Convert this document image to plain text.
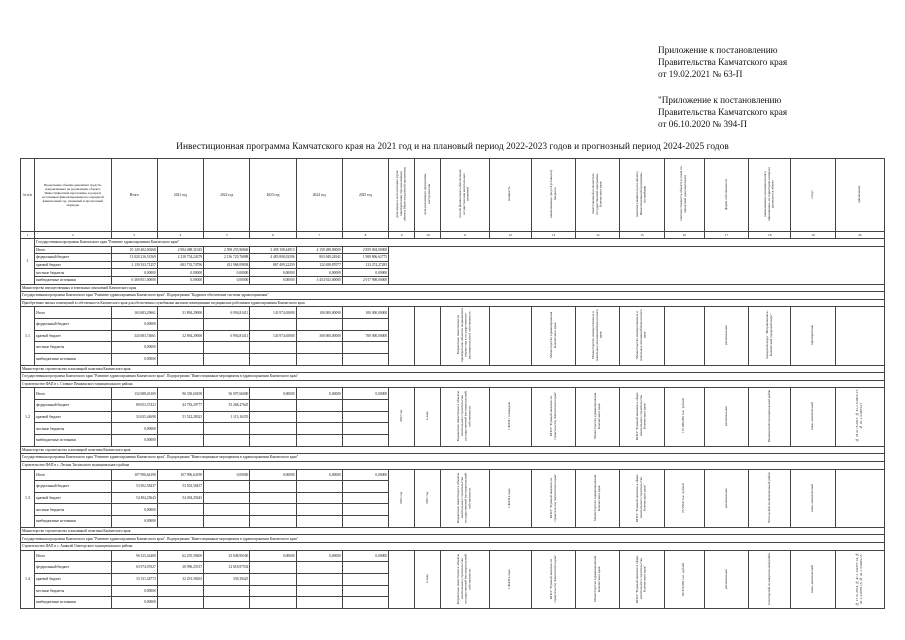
Приложение к постановлению
Правительства Камчатского края
от 19.02.2021 № 63-П
"Приложение к постановлению
Правительства Камчатского края
от 06.10.2020 № 394-П
Инвестиционная программа Камчатского края на 2021 год и на плановый период 2022-2023 годов и прогнозный период 2024-2025 годов
№ п/п	Предельные объемы денежных средств, направляемых на реализацию объекта Инвестиционной программы, в разрезе источников финансирования на очередной финансовый год, плановый и прогнозный периоды	Итого	2021 год	2022 год	2023 год	2024 год	2025 год	срок ввода в эксплуатацию (срок приобретения) при реализации объекта Инвестиционной программы	срок реализации программы, инструментов	способ финансового обеспечения осуществления капитальных вложений	мощность	наименование средств (главного) бюджета	ответственный исполнитель государственной программы Камчатского края	заказчик (заявитель) по объекту Инвестиционной программы, застройщик	сметная стоимость объекта (сумма по проектной документации)	форма собственности	наименование муниципального образования, на территории которого реализуется объект	статус	примечание
1	2	3	4	5	6	7	8	9	10	11	12	13	14	15	16	17	18	19	20
1	Государственная программа Камчатского края "Развитие здравоохранения Камчатского края"																		
	Итого	10 120 402,00268	2 904 488,31025	2 598 255,96846	3 458 108,44913	4 158 288,00000	2 859 004,00000												
	федеральный бюджет	13 020 216,51569	2 218 754,24379	2 136 725,76888	4 483 808,03296	803 049,24941	1 908 806,62775												
	краевой бюджет	2 139 333,71257	683 735,74796	431 968,09838	867 409,22259	122 658,87077	123 274,27285												
	местные бюджеты	0,00000	0,00000	0,00000	0,00000	0,00000	0,00000												
	внебюджетные источники	6 369 851,00000	0,00000	0,00000	0,00000	3 454 923,00000	2 917 908,00000												
Министерство имущественных и земельных отношений Камчатского края																			
Государственная программа Камчатского края "Развитие здравоохранения Камчатского края". Подпрограмма "Кадровое обеспечение системы здравоохранения"																			
Приобретение жилых помещений в собственность Камчатского края для обеспечения служебными жилыми помещениями медицинских работников здравоохранения Камчатского края																			
1.1	Итого	163 683,29661	31 894,29000	6 994,81411	143 974,65000	100 000,00000	100 000,00000			Бюджетные инвестиции на приобретение объектов недвижимого имущества в государственную (муниципальную) собственность		Министерство здравоохранения Камчатского края	Министерство имущественных и земельных отношений Камчатского края	Министерство имущественных и земельных отношений Камчатского края		региональная	городской округ "Петропавловск-Камчатский городской округ"	приобретение	
	федеральный бюджет	0,00000																	
	краевой бюджет	343 683,74661	32 894,29000	6 994,81411	143 974,65000	300 000,00000	700 000,00000												
	местные бюджеты	0,00000																	
	внебюджетные источники	0,00000																	
Министерство строительства и жилищной политики Камчатского края																			
Государственная программа Камчатского края "Развитие здравоохранения Камчатского края". Подпрограмма "Инвестиционные мероприятия в здравоохранении Камчатского края"																			
Строительство ФАП в с. Ставное Пенжинского муниципального района																			
1.2	Итого	132 688,26100	96 330,60100	36 097,66000	0,00000	0,00000	0,00000	2022 год	в ходе	Бюджетные инвестиции в объекты капитального строительства государственной (муниципальной) собственности	1 ФАП с площадью	КГКУ "Единый заказчик по строительству Камчатского края"	Министерство здравоохранения Камчатского края	КГКУ "Единый заказчик в сфере капитального строительства Камчатского края"	131 489,456 тыс. рублей	региональная	Пенжинский муниципальный район	иное, комплексный	№ 23 от 15.2017, № 41-1-5-0472-17, № 41-1-5-0473-17
	федеральный бюджет	80 053,37423	44 783,29777	35 268,47645															
	краевой бюджет	52 635,44698	51 522,28323	1 113,16355															
	местные бюджеты	0,00000																	
	внебюджетные источники	0,00000																	
Министерство строительства и жилищной политики Камчатского края																			
Государственная программа Камчатского края "Развитие здравоохранения Камчатского края". Подпрограмма "Инвестиционные мероприятия в здравоохранении Камчатского края"																			
Строительство ФАП в с. Лесная Тигильского муниципального района																			
1.3	Итого	107 996,64190	107 996,64190	0,00000	0,00000	0,00000	0,00000	2022 год	2021 год	Бюджетные инвестиции в объекты капитального строительства государственной (муниципальной) собственности	1 ФАП в ходе	КГКУ "Единый заказчик по строительству Камчатского края"	Министерство здравоохранения Камчатского края	КГКУ "Единый заказчик в сфере капитального строительства Камчатского края"	25 550,6 тыс. рублей	региональная	Тигильский муниципальный район	иное, комплексный	
	федеральный бюджет	53 502,58437	53 502,58437																
	краевой бюджет	54 494,25643	54 494,25643																
	местные бюджеты	0,00000																	
	внебюджетные источники	0,00000																	
Министерство строительства и жилищной политики Камчатского края																			
Государственная программа Камчатского края "Развитие здравоохранения Камчатского края". Подпрограмма "Инвестиционные мероприятия в здравоохранении Камчатского края"																			
Строительство ФАП в с. Анавгай Олюторского муниципального района																			
1.4	Итого	96 325,42400	62 255,59400	35 848,96500	0,00000	0,00000	0,00000		в ходе	Бюджетные инвестиции в объекты капитального строительства государственной (муниципальной) собственности	1 ФАП в ходе	КГКУ "Единый заказчик по строительству Камчатского края"	Министерство здравоохранения Камчатского края	КГКУ "Единый заказчик в сфере капитального строительства Камчатского края"	64 373,865 тыс. рублей	региональная	Олюторский муниципальный район	иное, комплексный	№ 17 от 2014, № 41-1-5-0377-14, № 41-1-5-0378-15, № 41-1-5-0425-15
	федеральный бюджет	63 974,07627	30 996,25537	32 818,87592															
	краевой бюджет	33 131,34773	32 291,58263	339,29425															
	местные бюджеты	0,00000																	
	внебюджетные источники	0,00000																	
